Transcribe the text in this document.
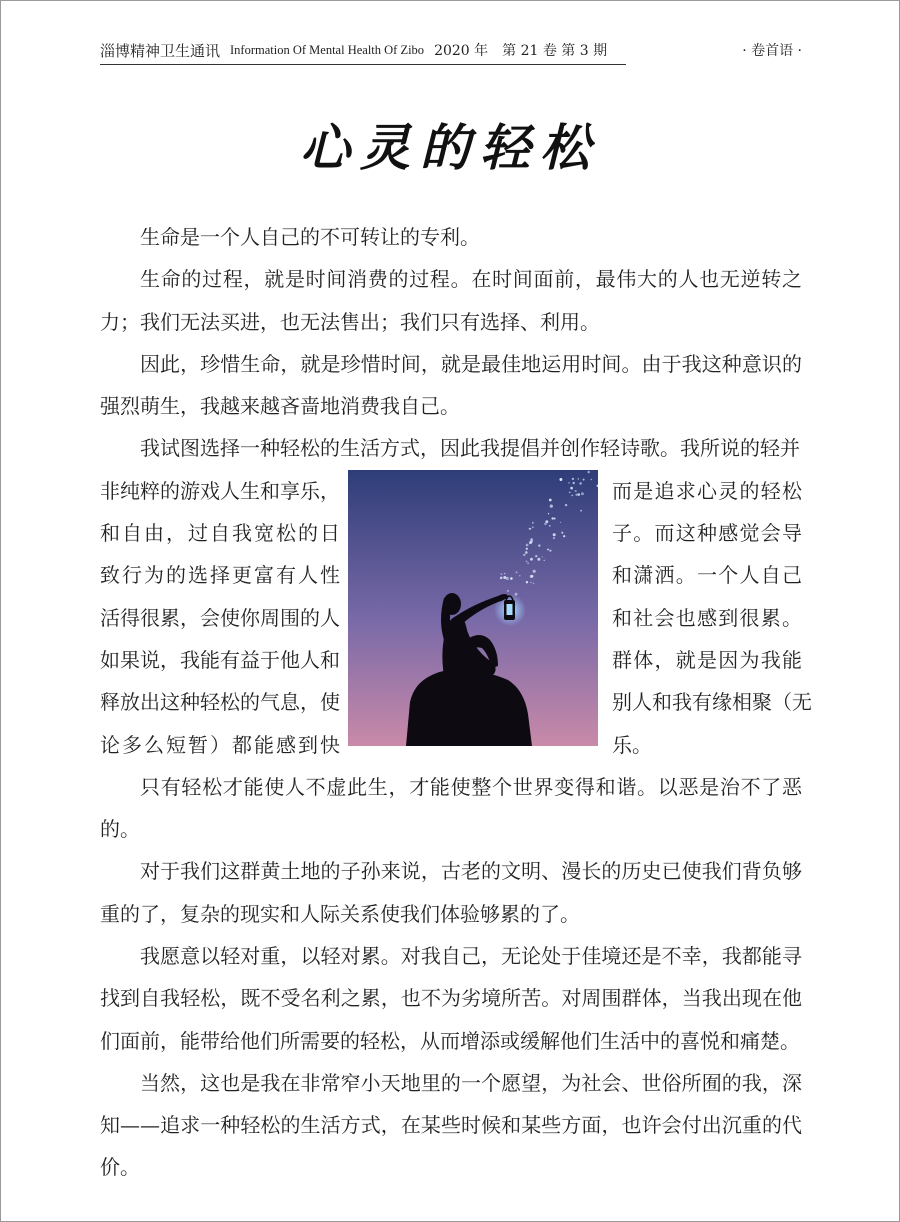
淄博精神卫生通讯 Information Of Mental Health Of Zibo 2020 年　第 21 卷 第 3 期	· 卷首语 ·
心灵的轻松

生命是一个人自己的不可转让的专利。

生命的过程，就是时间消费的过程。在时间面前，最伟大的人也无逆转之力；我们无法买进，也无法售出；我们只有选择、利用。

因此，珍惜生命，就是珍惜时间，就是最佳地运用时间。由于我这种意识的强烈萌生，我越来越吝啬地消费我自己。

我试图选择一种轻松的生活方式，因此我提倡并创作轻诗歌。我所说的轻并

非纯粹的游戏人生和享乐，
和自由，过自我宽松的日
致行为的选择更富有人性
活得很累，会使你周围的人
如果说，我能有益于他人和
释放出这种轻松的气息，使
论多么短暂）都能感到快
而是追求心灵的轻松
子。而这种感觉会导
和潇洒。一个人自己
和社会也感到很累。
群体，就是因为我能
别人和我有缘相聚（无
乐。

只有轻松才能使人不虚此生，才能使整个世界变得和谐。以恶是治不了恶的。

对于我们这群黄土地的子孙来说，古老的文明、漫长的历史已使我们背负够重的了，复杂的现实和人际关系使我们体验够累的了。

我愿意以轻对重，以轻对累。对我自己，无论处于佳境还是不幸，我都能寻找到自我轻松，既不受名利之累，也不为劣境所苦。对周围群体，当我出现在他们面前，能带给他们所需要的轻松，从而增添或缓解他们生活中的喜悦和痛楚。

当然，这也是我在非常窄小天地里的一个愿望，为社会、世俗所囿的我，深知——追求一种轻松的生活方式，在某些时候和某些方面，也许会付出沉重的代价。
